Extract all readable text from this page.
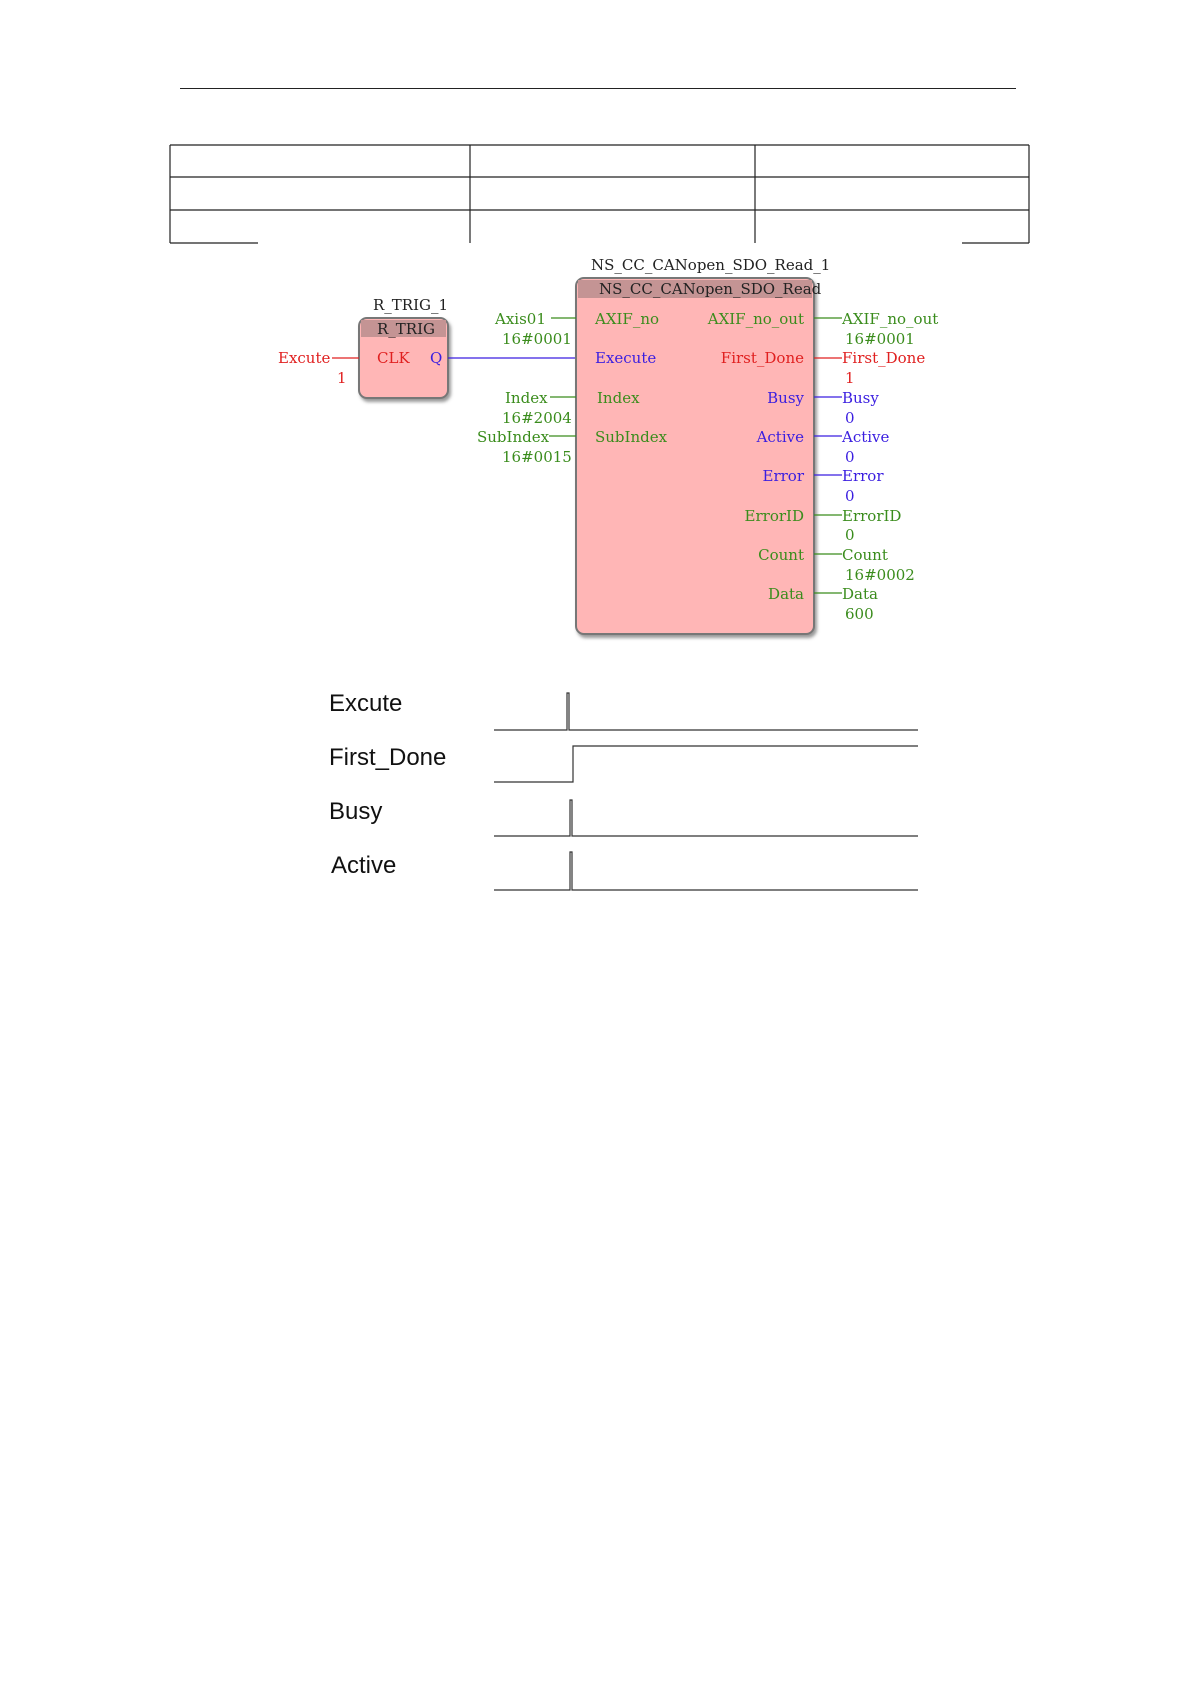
R_TRIG_1
R_TRIG
CLK Q
Excute
1
NS_CC_CANopen_SDO_Read_1
NS_CC_CANopen_SDO_Read
AXIF_no
Axis01
16#0001
Execute
Index
Index
16#2004
SubIndex
SubIndex
16#0015
AXIF_no_out	AXIF_no_out
16#0001
First_Done	First_Done
1
Busy	Busy
0
Active	Active
0
Error	Error
0
ErrorID	ErrorID
0
Count	Count
16#0002
Data	Data
600
Excute
First_Done
Busy
Active
